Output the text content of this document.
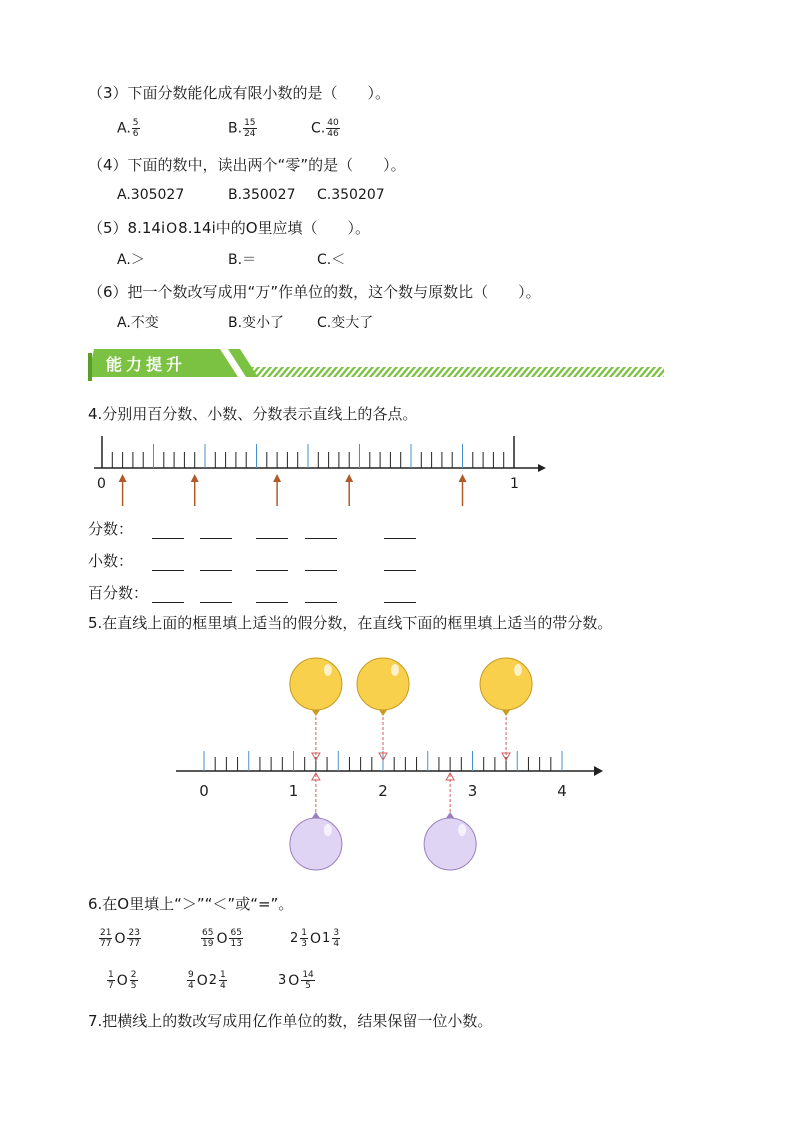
（3）下面分数能化成有限小数的是（　　）。
A. $\frac{5}{6}$	B. $\frac{15}{24}$	C. $\frac{40}{46}$
（4）下面的数中，读出两个“零”的是（　　）。
A.305027	B.350027 C.350207
（5）8.14iO8.14i中的O里应填（　　）。
A.＞	B.＝	C.＜
（6）把一个数改写成用“万”作单位的数，这个数与原数比（　　）。
A.不变	B.变小了 C.变大了
能力提升
4.分别用百分数、小数、分数表示直线上的各点。
0	1
分数：
小数：
百分数：
5.在直线上面的框里填上适当的假分数，在直线下面的框里填上适当的带分数。
0	1	2	3	4
6.在O里填上“＞”“＜”或“=”。
$\frac{21}{77}$ O $\frac{23}{77}$	$\frac{65}{19}$ O $\frac{65}{13}$	$2 \frac{1}{3}$ O $1 \frac{3}{4}$
$\frac{1}{7}$ O $\frac{2}{5}$	$\frac{9}{4}$ O $2 \frac{1}{4}$	3 O $\frac{14}{5}$
7.把横线上的数改写成用亿作单位的数，结果保留一位小数。
